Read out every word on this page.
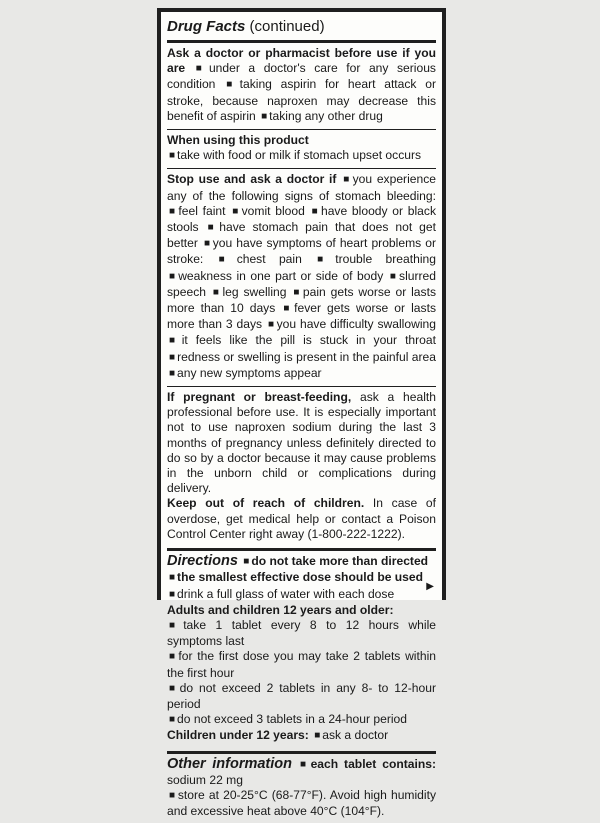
Drug Facts (continued)
Ask a doctor or pharmacist before use if you are ■ under a doctor's care for any serious condition ■ taking aspirin for heart attack or stroke, because naproxen may decrease this benefit of aspirin ■ taking any other drug
When using this product
■ take with food or milk if stomach upset occurs
Stop use and ask a doctor if ■ you experience any of the following signs of stomach bleeding: ■ feel faint ■ vomit blood ■ have bloody or black stools ■ have stomach pain that does not get better ■ you have symptoms of heart problems or stroke: ■ chest pain ■ trouble breathing ■ weakness in one part or side of body ■ slurred speech ■ leg swelling ■ pain gets worse or lasts more than 10 days ■ fever gets worse or lasts more than 3 days ■ you have difficulty swallowing ■ it feels like the pill is stuck in your throat ■ redness or swelling is present in the painful area ■ any new symptoms appear
If pregnant or breast-feeding, ask a health professional before use. It is especially important not to use naproxen sodium during the last 3 months of pregnancy unless definitely directed to do so by a doctor because it may cause problems in the unborn child or complications during delivery.
Keep out of reach of children. In case of overdose, get medical help or contact a Poison Control Center right away (1-800-222-1222).
Directions ■ do not take more than directed
■ the smallest effective dose should be used
■ drink a full glass of water with each dose
Adults and children 12 years and older:
■ take 1 tablet every 8 to 12 hours while symptoms last
■ for the first dose you may take 2 tablets within the first hour
■ do not exceed 2 tablets in any 8- to 12-hour period
■ do not exceed 3 tablets in a 24-hour period
Children under 12 years: ■ ask a doctor
Other information ■ each tablet contains: sodium 22 mg
■ store at 20-25°C (68-77°F). Avoid high humidity and excessive heat above 40°C (104°F).
▶
